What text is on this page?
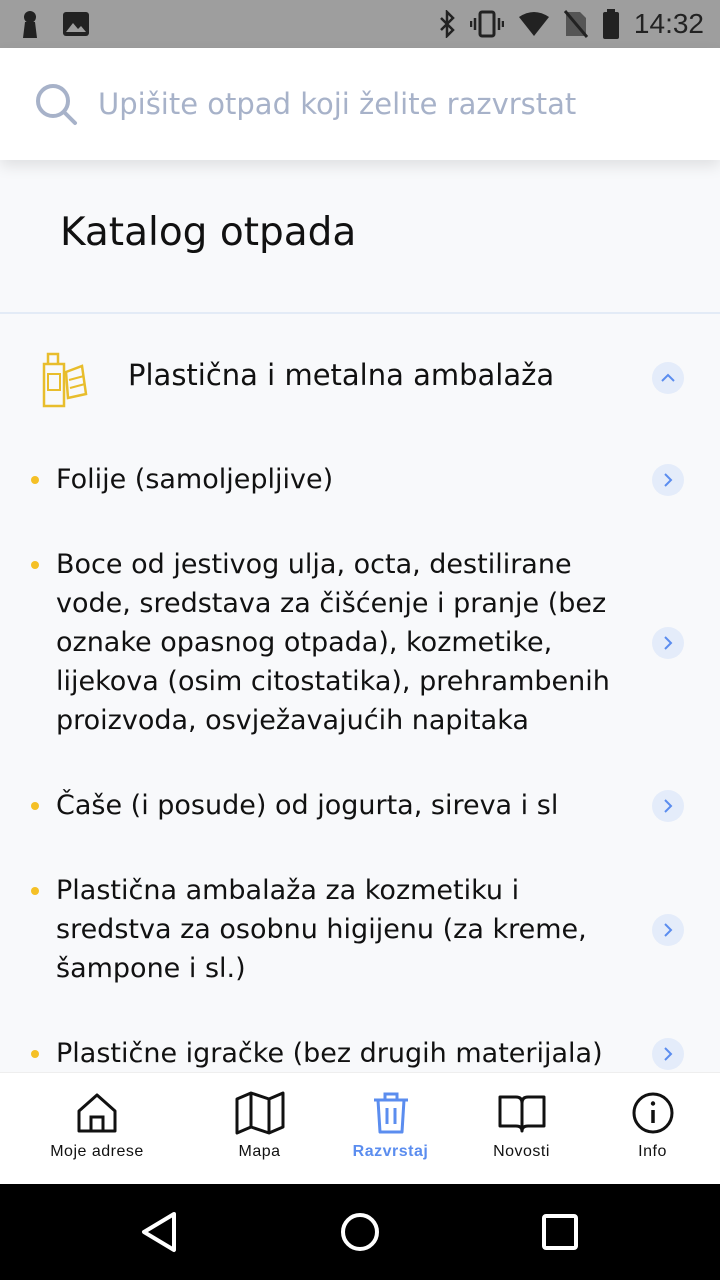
14:32
Upišite otpad koji želite razvrstat
Katalog otpada
Plastična i metalna ambalaža
Folije (samoljepljive)
Boce od jestivog ulja, octa, destilirane vode, sredstava za čišćenje i pranje (bez oznake opasnog otpada), kozmetike, lijekova (osim citostatika), prehrambenih proizvoda, osvježavajućih napitaka
Čaše (i posude) od jogurta, sireva i sl
Plastična ambalaža za kozmetiku i sredstva za osobnu higijenu (za kreme, šampone i sl.)
Plastične igračke (bez drugih materijala)
Moje adrese	Mapa	Razvrstaj	Novosti	Info
